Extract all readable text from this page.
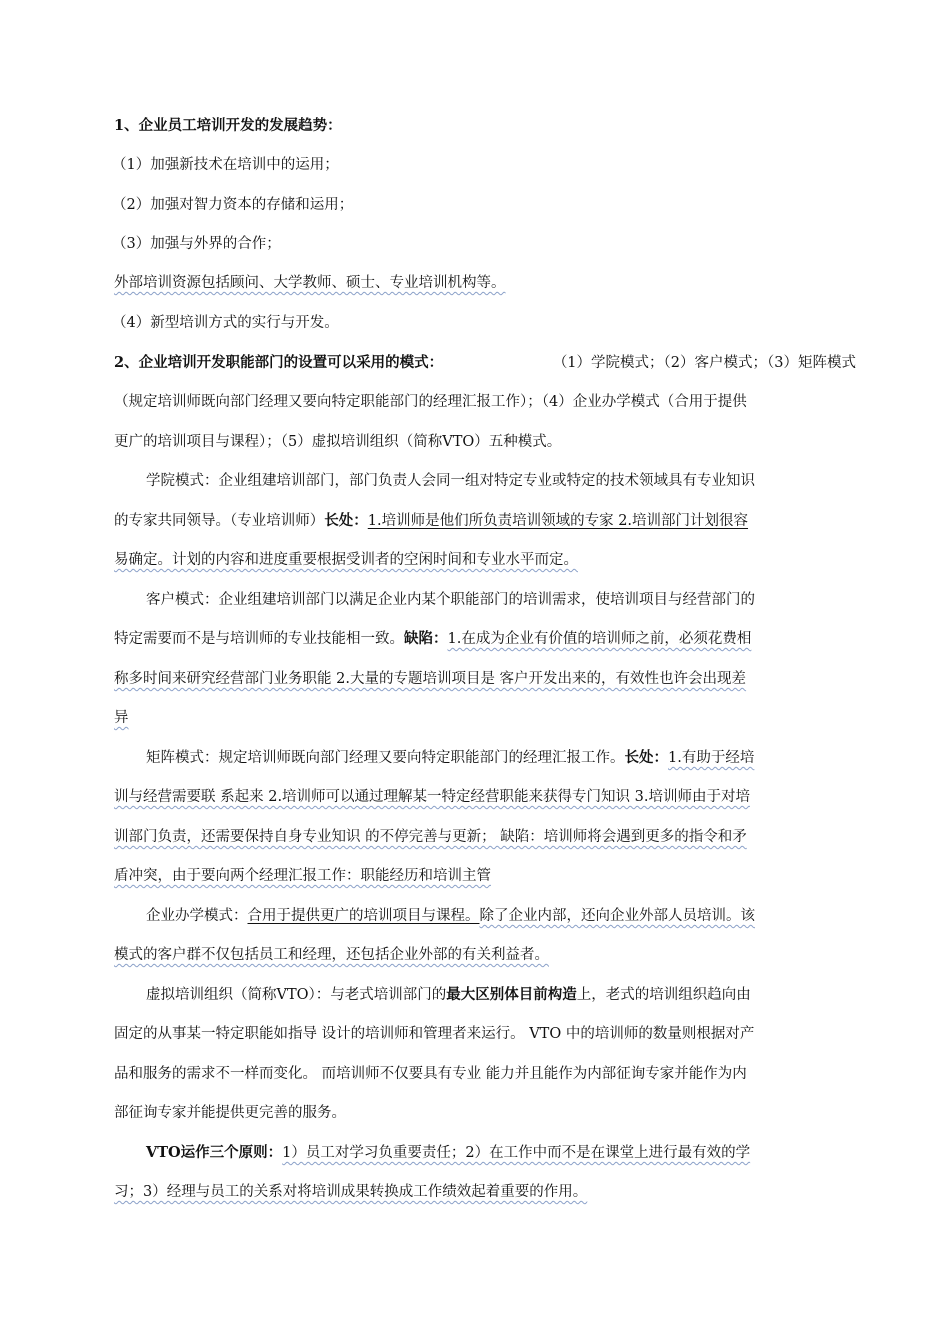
1、企业员工培训开发的发展趋势：
（1）加强新技术在培训中的运用；
（2）加强对智力资本的存储和运用；
（3）加强与外界的合作；
外部培训资源包括顾问、大学教师、硕士、专业培训机构等。
（4）新型培训方式的实行与开发。
2、企业培训开发职能部门的设置可以采用的模式：	（1）学院模式；（2）客户模式；（3）矩阵模式
（规定培训师既向部门经理又要向特定职能部门的经理汇报工作）；（4）企业办学模式（合用于提供
更广的培训项目与课程）；（5）虚拟培训组织（简称VTO）五种模式。
学院模式：企业组建培训部门，部门负责人会同一组对特定专业或特定的技术领域具有专业知识
的专家共同领导。（专业培训师）长处：1.培训师是他们所负责培训领域的专家 2.培训部门计划很容
易确定。计划的内容和进度重要根据受训者的空闲时间和专业水平而定。
客户模式：企业组建培训部门以满足企业内某个职能部门的培训需求，使培训项目与经营部门的
特定需要而不是与培训师的专业技能相一致。缺陷：1.在成为企业有价值的培训师之前，必须花费相
称多时间来研究经营部门业务职能 2.大量的专题培训项目是 客户开发出来的，有效性也许会出现差
异
矩阵模式：规定培训师既向部门经理又要向特定职能部门的经理汇报工作。长处：1.有助于经培
训与经营需要联 系起来 2.培训师可以通过理解某一特定经营职能来获得专门知识 3.培训师由于对培
训部门负责，还需要保持自身专业知识 的不停完善与更新； 缺陷：培训师将会遇到更多的指令和矛
盾冲突，由于要向两个经理汇报工作：职能经历和培训主管
企业办学模式：合用于提供更广的培训项目与课程。除了企业内部，还向企业外部人员培训。该
模式的客户群不仅包括员工和经理，还包括企业外部的有关利益者。
虚拟培训组织（简称VTO）：与老式培训部门的最大区别体目前构造上，老式的培训组织趋向由
固定的从事某一特定职能如指导 设计的培训师和管理者来运行。 VTO 中的培训师的数量则根据对产
品和服务的需求不一样而变化。 而培训师不仅要具有专业 能力并且能作为内部征询专家并能作为内
部征询专家并能提供更完善的服务。
VTO运作三个原则：1）员工对学习负重要责任；2）在工作中而不是在课堂上进行最有效的学
习；3）经理与员工的关系对将培训成果转换成工作绩效起着重要的作用。
